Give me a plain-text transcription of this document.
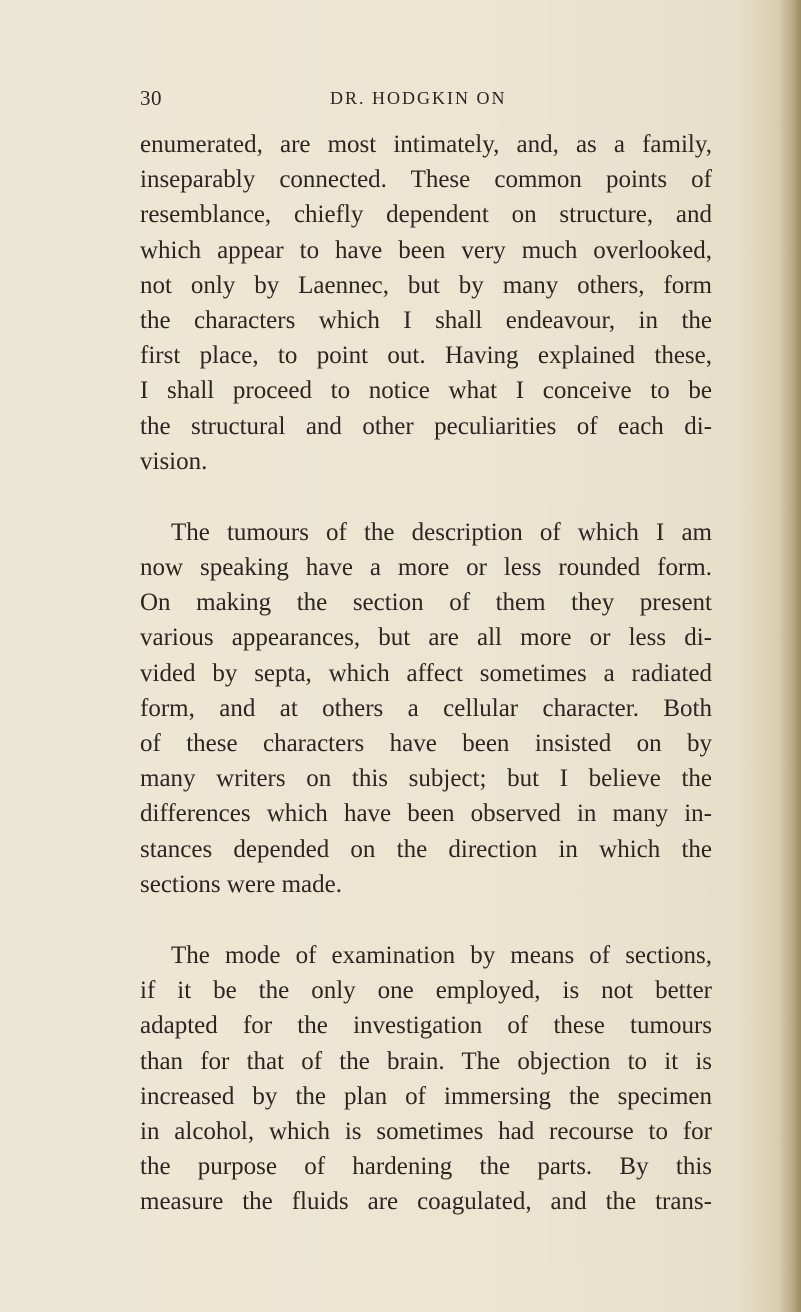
30	DR. HODGKIN ON
enumerated, are most intimately, and, as a family,
inseparably connected. These common points of
resemblance, chiefly dependent on structure, and
which appear to have been very much overlooked,
not only by Laennec, but by many others, form
the characters which I shall endeavour, in the
first place, to point out. Having explained these,
I shall proceed to notice what I conceive to be
the structural and other peculiarities of each di-
vision.
The tumours of the description of which I am
now speaking have a more or less rounded form.
On making the section of them they present
various appearances, but are all more or less di-
vided by septa, which affect sometimes a radiated
form, and at others a cellular character. Both
of these characters have been insisted on by
many writers on this subject; but I believe the
differences which have been observed in many in-
stances depended on the direction in which the
sections were made.
The mode of examination by means of sections,
if it be the only one employed, is not better
adapted for the investigation of these tumours
than for that of the brain. The objection to it is
increased by the plan of immersing the specimen
in alcohol, which is sometimes had recourse to for
the purpose of hardening the parts. By this
measure the fluids are coagulated, and the trans-
